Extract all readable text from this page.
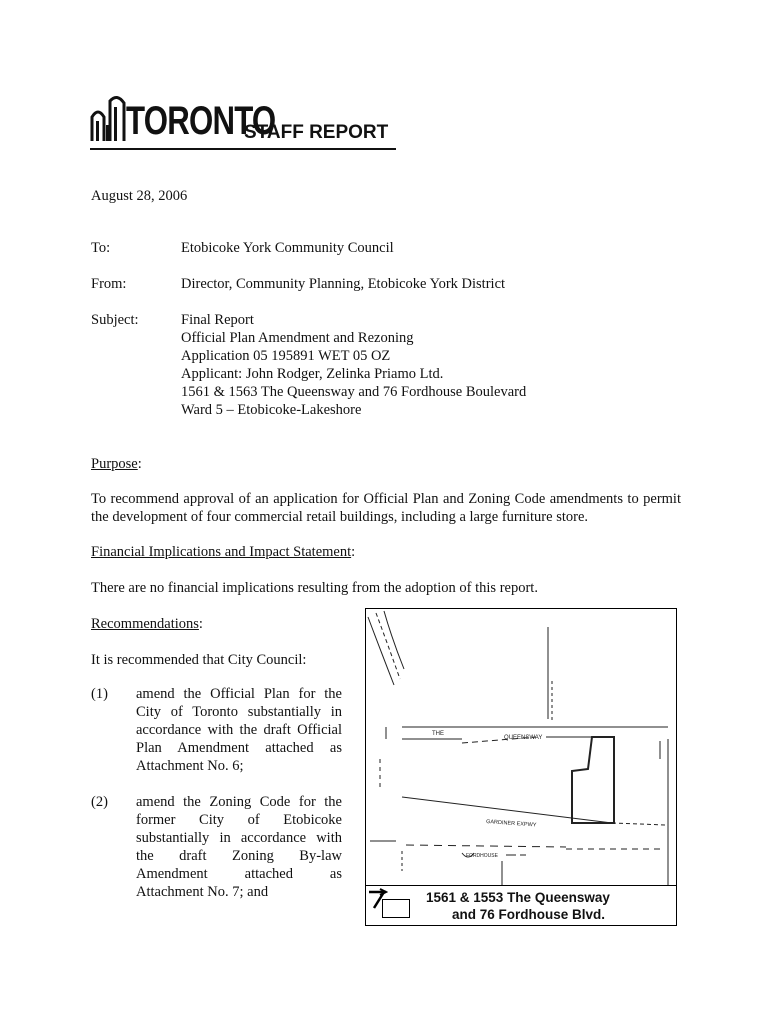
TORONTO
STAFF REPORT
August 28, 2006
To:	Etobicoke York Community Council
From:	Director, Community Planning, Etobicoke York District
Subject:	Final Report
Official Plan Amendment and Rezoning
Application 05 195891 WET 05 OZ
Applicant: John Rodger, Zelinka Priamo Ltd.
1561 & 1563 The Queensway and 76 Fordhouse Boulevard
Ward 5 – Etobicoke-Lakeshore
Purpose:
To recommend approval of an application for Official Plan and Zoning Code amendments to permit the development of four commercial retail buildings, including a large furniture store.
Financial Implications and Impact Statement:
There are no financial implications resulting from the adoption of this report.
Recommendations:
It is recommended that City Council:
(1) amend the Official Plan for the City of Toronto substantially in accordance with the draft Official Plan Amendment attached as Attachment No. 6;
(2) amend the Zoning Code for the former City of Etobicoke substantially in accordance with the draft Zoning By-law Amendment attached as Attachment No. 7; and
THE
QUEENSWAY
GARDINER EXPWY
FORDHOUSE
1561 & 1553 The Queensway
and 76 Fordhouse Blvd.
